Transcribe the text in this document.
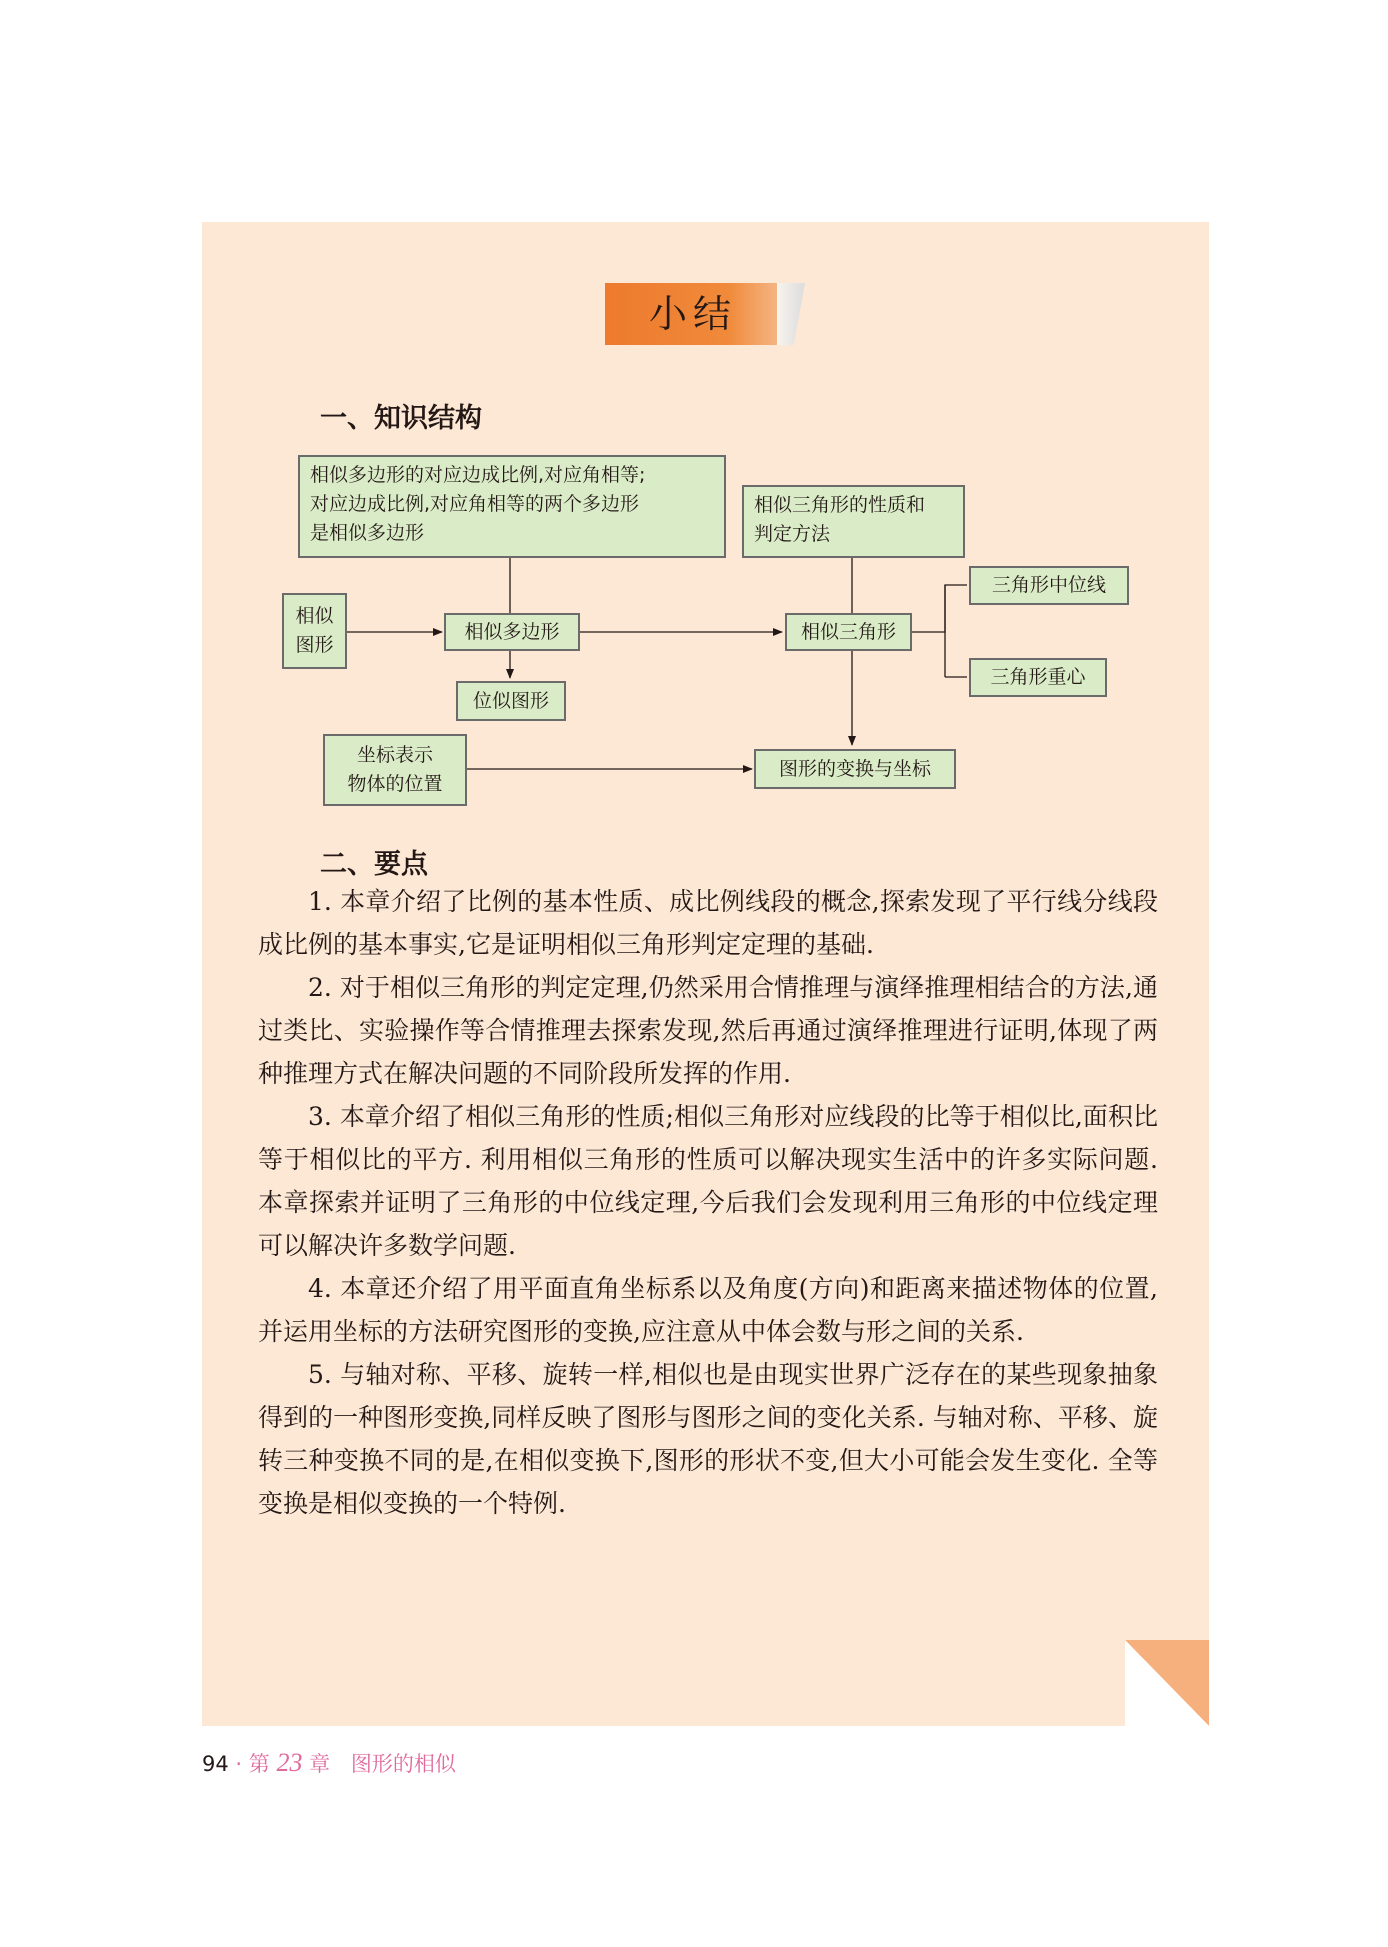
小结
一、知识结构
相似多边形的对应边成比例,对应角相等;
对应边成比例,对应角相等的两个多边形
是相似多边形
相似三角形的性质和
判定方法
相似
图形
相似多边形	相似三角形
三角形中位线
三角形重心
位似图形
坐标表示
物体的位置
图形的变换与坐标
二、要点

1. 本章介绍了比例的基本性质、成比例线段的概念,探索发现了平行线分线段成比例的基本事实,它是证明相似三角形判定定理的基础.

2. 对于相似三角形的判定定理,仍然采用合情推理与演绎推理相结合的方法,通过类比、实验操作等合情推理去探索发现,然后再通过演绎推理进行证明,体现了两种推理方式在解决问题的不同阶段所发挥的作用.

3. 本章介绍了相似三角形的性质;相似三角形对应线段的比等于相似比,面积比等于相似比的平方. 利用相似三角形的性质可以解决现实生活中的许多实际问题. 本章探索并证明了三角形的中位线定理,今后我们会发现利用三角形的中位线定理可以解决许多数学问题.

4. 本章还介绍了用平面直角坐标系以及角度(方向)和距离来描述物体的位置,并运用坐标的方法研究图形的变换,应注意从中体会数与形之间的关系.

5. 与轴对称、平移、旋转一样,相似也是由现实世界广泛存在的某些现象抽象得到的一种图形变换,同样反映了图形与图形之间的变化关系. 与轴对称、平移、旋转三种变换不同的是,在相似变换下,图形的形状不变,但大小可能会发生变化. 全等变换是相似变换的一个特例.

94 · 第 23 章 图形的相似
